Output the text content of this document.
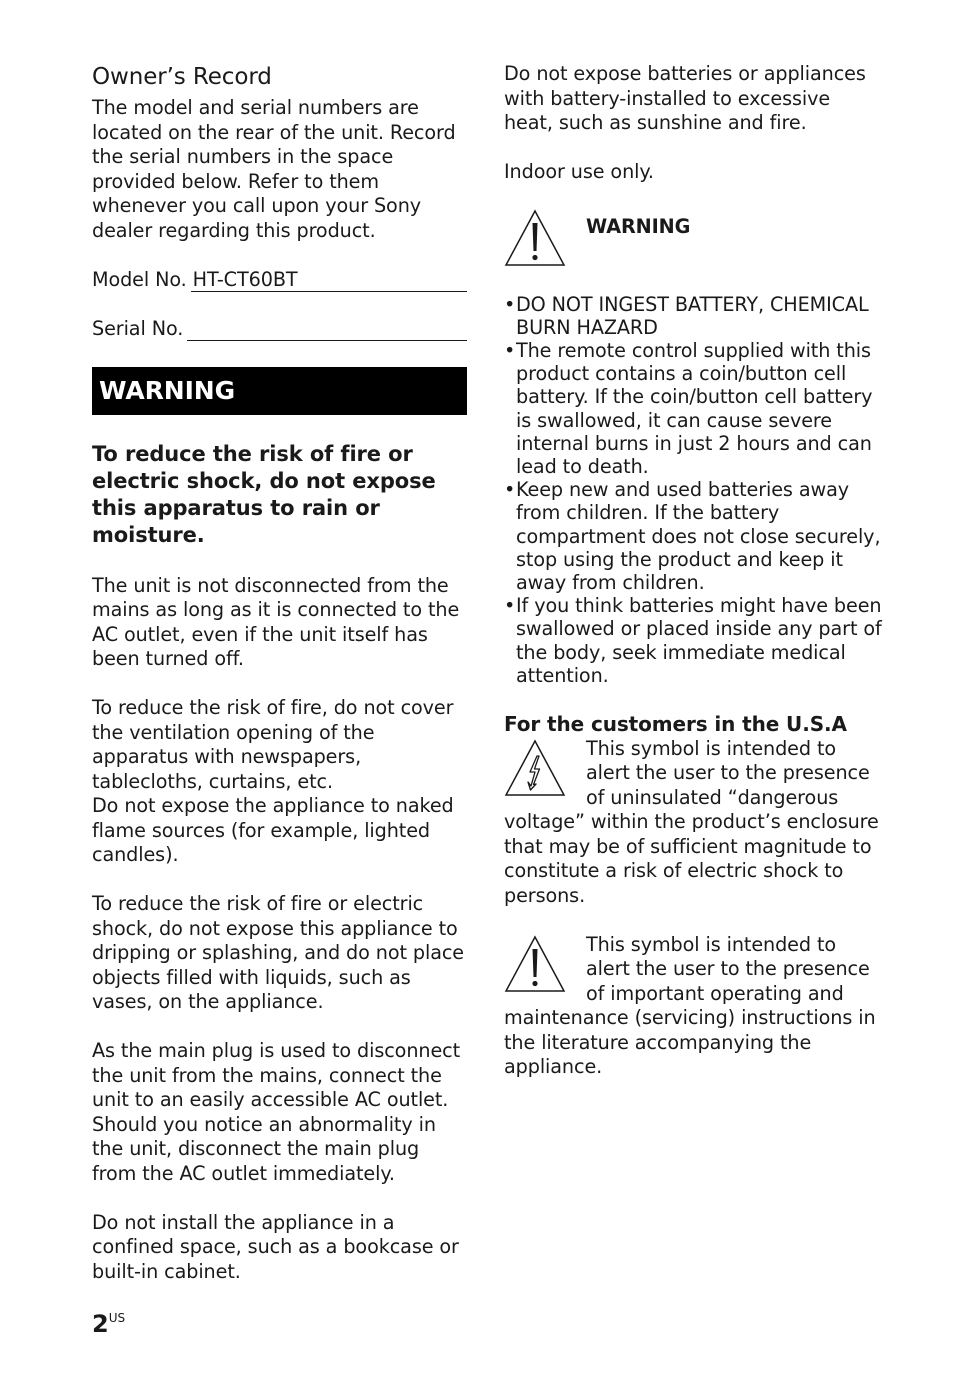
Owner’s Record

The model and serial numbers are located on the rear of the unit. Record the serial numbers in the space provided below. Refer to them whenever you call upon your Sony dealer regarding this product.

Model No. HT-CT60BT
Serial No.
WARNING

To reduce the risk of fire or electric shock, do not expose this apparatus to rain or moisture.

The unit is not disconnected from the mains as long as it is connected to the AC outlet, even if the unit itself has been turned off.

To reduce the risk of fire, do not cover the ventilation opening of the apparatus with newspapers, tablecloths, curtains, etc.

Do not expose the appliance to naked flame sources (for example, lighted candles).

To reduce the risk of fire or electric shock, do not expose this appliance to dripping or splashing, and do not place objects filled with liquids, such as vases, on the appliance.

As the main plug is used to disconnect the unit from the mains, connect the unit to an easily accessible AC outlet. Should you notice an abnormality in the unit, disconnect the main plug from the AC outlet immediately.

Do not install the appliance in a confined space, such as a bookcase or built-in cabinet.

Do not expose batteries or appliances with battery-installed to excessive heat, such as sunshine and fire.

Indoor use only.

WARNING
• DO NOT INGEST BATTERY, CHEMICAL BURN HAZARD
• The remote control supplied with this product contains a coin/button cell battery. If the coin/button cell battery is swallowed, it can cause severe internal burns in just 2 hours and can lead to death.
• Keep new and used batteries away from children. If the battery compartment does not close securely, stop using the product and keep it away from children.
• If you think batteries might have been swallowed or placed inside any part of the body, seek immediate medical attention.
For the customers in the U.S.A

This symbol is intended to alert the user to the presence of uninsulated “dangerous voltage” within the product’s enclosure that may be of sufficient magnitude to constitute a risk of electric shock to persons.

This symbol is intended to alert the user to the presence of important operating and maintenance (servicing) instructions in the literature accompanying the appliance.

$2^{US}$
